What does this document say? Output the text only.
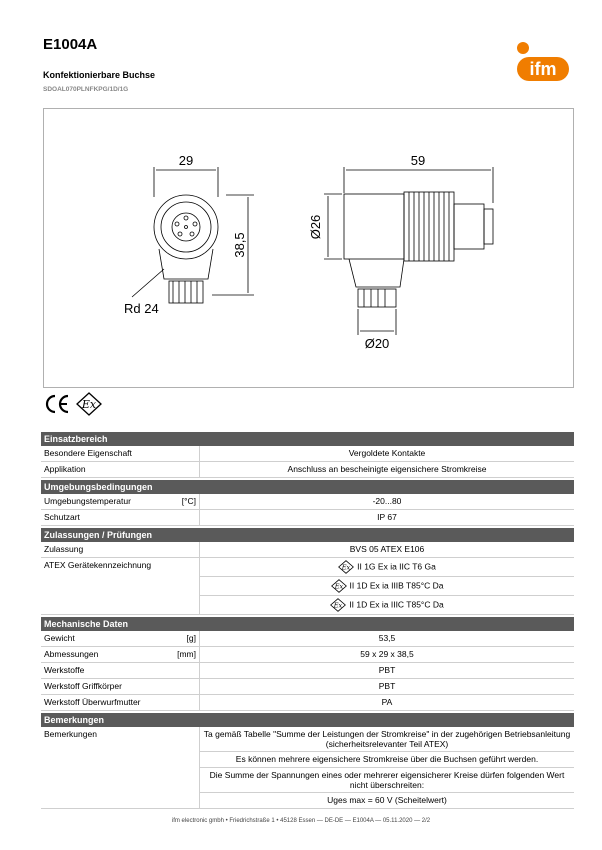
E1004A
Konfektionierbare Buchse
SDOAL070PLNFKPG/1D/1G
ifm
29
38,5
Rd 24
59
Ø26
Ø20
Ex
Einsatzbereich		
Besondere Eigenschaft		Vergoldete Kontakte
Applikation		Anschluss an bescheinigte eigensichere Stromkreise
Umgebungsbedingungen		
Umgebungstemperatur	[°C]	-20...80
Schutzart		IP 67
Zulassungen / Prüfungen		
Zulassung		BVS 05 ATEX E106
ATEX Gerätekennzeichnung		Ex II 1G Ex ia IIC T6 Ga

Ex II 1D Ex ia IIIB T85°C Da

Ex II 1D Ex ia IIIC T85°C Da
Mechanische Daten		
Gewicht	[g]	53,5
Abmessungen	[mm]	59 x 29 x 38,5
Werkstoffe		PBT
Werkstoff Griffkörper		PBT
Werkstoff Überwurfmutter		PA
Bemerkungen		
Bemerkungen		Ta gemäß Tabelle "Summe der Leistungen der Stromkreise" in der zugehörigen Betriebsanleitung (sicherheitsrelevanter Teil ATEX)
		Es können mehrere eigensichere Stromkreise über die Buchsen geführt werden.
		Die Summe der Spannungen eines oder mehrerer eigensicherer Kreise dürfen folgenden Wert nicht überschreiten:
		Uges max = 60 V (Scheitelwert)
ifm electronic gmbh • Friedrichstraße 1 • 45128 Essen — DE-DE — E1004A — 05.11.2020 — 2/2
